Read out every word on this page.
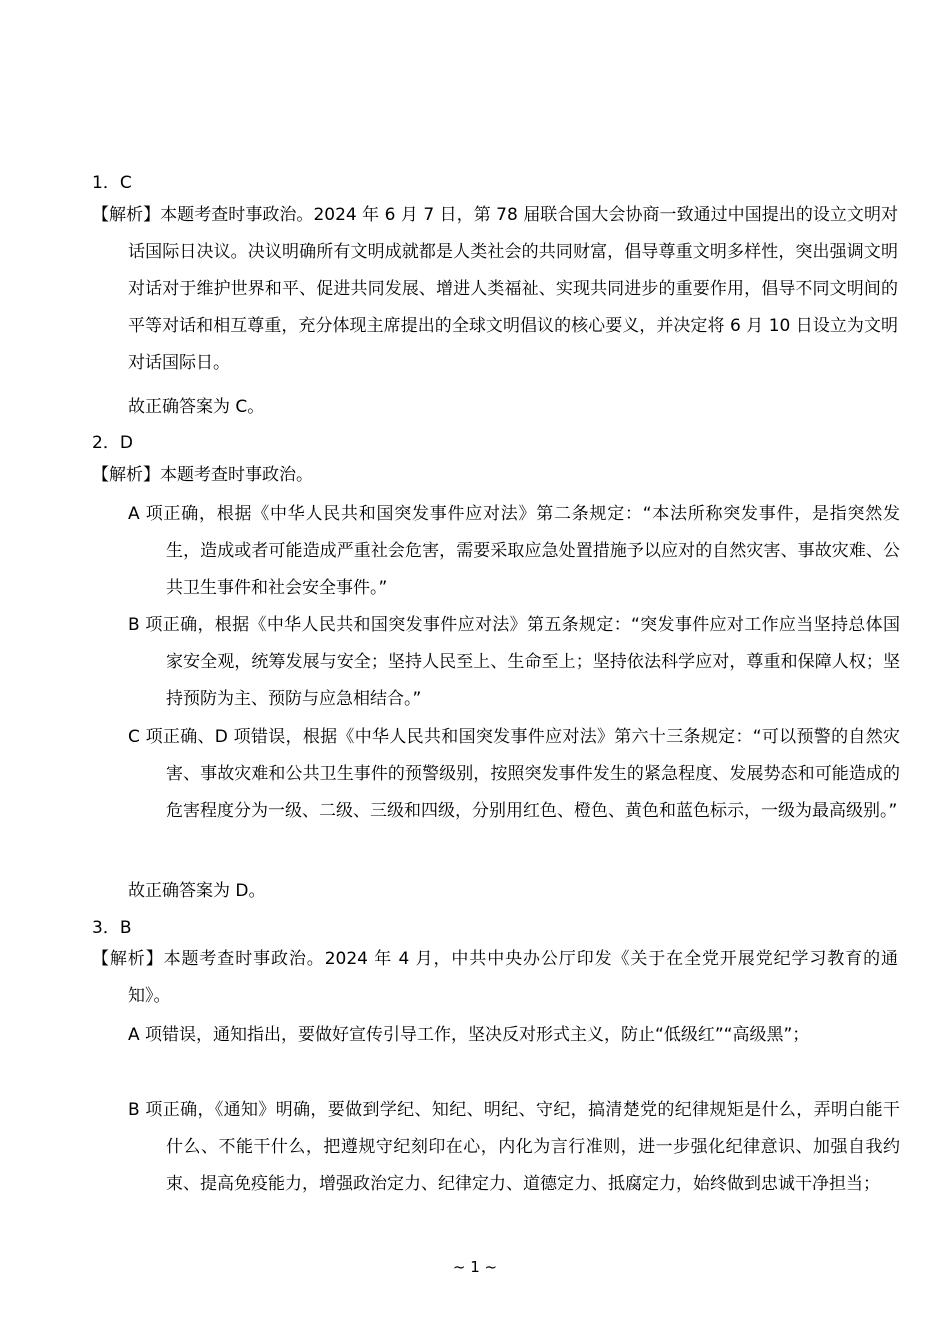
1．C
【解析】本题考查时事政治。2024 年 6 月 7 日，第 78 届联合国大会协商一致通过中国提出的设立文明对话国际日决议。决议明确所有文明成就都是人类社会的共同财富，倡导尊重文明多样性，突出强调文明对话对于维护世界和平、促进共同发展、增进人类福祉、实现共同进步的重要作用，倡导不同文明间的平等对话和相互尊重，充分体现主席提出的全球文明倡议的核心要义，并决定将 6 月 10 日设立为文明对话国际日。
故正确答案为 C。
2．D
【解析】本题考查时事政治。
A 项正确，根据《中华人民共和国突发事件应对法》第二条规定：“本法所称突发事件，是指突然发生，造成或者可能造成严重社会危害，需要采取应急处置措施予以应对的自然灾害、事故灾难、公共卫生事件和社会安全事件。”
B 项正确，根据《中华人民共和国突发事件应对法》第五条规定：“突发事件应对工作应当坚持总体国家安全观，统筹发展与安全；坚持人民至上、生命至上；坚持依法科学应对，尊重和保障人权；坚持预防为主、预防与应急相结合。”
C 项正确、D 项错误，根据《中华人民共和国突发事件应对法》第六十三条规定：“可以预警的自然灾害、事故灾难和公共卫生事件的预警级别，按照突发事件发生的紧急程度、发展势态和可能造成的危害程度分为一级、二级、三级和四级，分别用红色、橙色、黄色和蓝色标示，一级为最高级别。”
故正确答案为 D。
3．B
【解析】本题考查时事政治。2024 年 4 月，中共中央办公厅印发《关于在全党开展党纪学习教育的通知》。
A 项错误，通知指出，要做好宣传引导工作，坚决反对形式主义，防止“低级红”“高级黑”；
B 项正确，《通知》明确，要做到学纪、知纪、明纪、守纪，搞清楚党的纪律规矩是什么，弄明白能干什么、不能干什么，把遵规守纪刻印在心，内化为言行准则，进一步强化纪律意识、加强自我约束、提高免疫能力，增强政治定力、纪律定力、道德定力、抵腐定力，始终做到忠诚干净担当；
~ 1 ~
